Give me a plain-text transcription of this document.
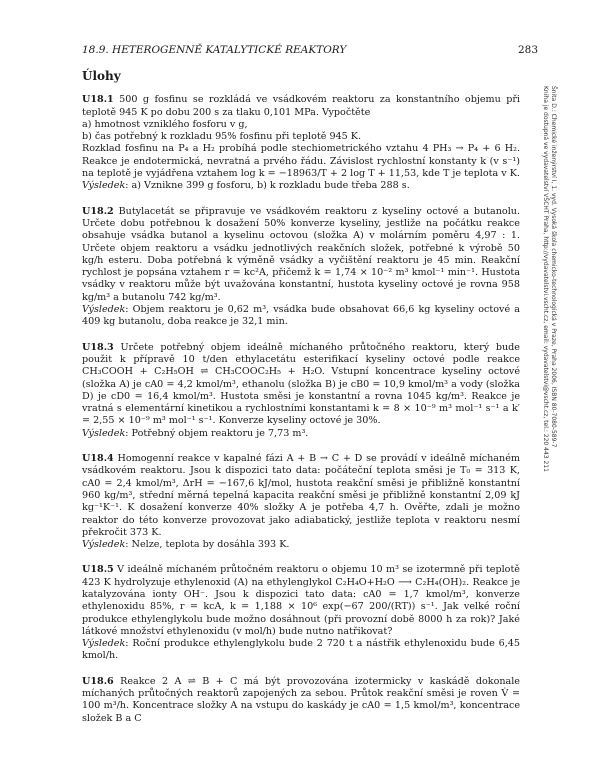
18.9. HETEROGENNĚ KATALYTICKÉ REAKTORY	283
Šnita D.: Chemické inženýrství I, 1. vyd. Vysoká škola chemicko-technologická v Praze, Praha 2006, ISBN 80-7080-589-7
Kniha je dostupná ve vydavatelství VŠCHT Praha, http://vydavatelstvi.vscht.cz, email: vydavatelstvi@vscht.cz, tel.: 220 443 211
Úlohy

U18.1 500 g fosfinu se rozkládá ve vsádkovém reaktoru za konstantního objemu při teplotě 945 K po dobu 200 s za tlaku 0,101 MPa. Vypočtěte

a) hmotnost vzniklého fosforu v g,

b) čas potřebný k rozkladu 95% fosfinu při teplotě 945 K.

Rozklad fosfinu na P₄ a H₂ probíhá podle stechiometrického vztahu 4 PH₃ → P₄ + 6 H₂. Reakce je endotermická, nevratná a prvého řádu. Závislost rychlostní konstanty k (v s⁻¹) na teplotě je vyjádřena vztahem log k = −18963/T + 2 log T + 11,53, kde T je teplota v K.

Výsledek: a) Vznikne 399 g fosforu, b) k rozkladu bude třeba 288 s.

U18.2 Butylacetát se připravuje ve vsádkovém reaktoru z kyseliny octové a butanolu. Určete dobu potřebnou k dosažení 50% konverze kyseliny, jestliže na počátku reakce obsahuje vsádka butanol a kyselinu octovou (složka A) v molárním poměru 4,97 : 1. Určete objem reaktoru a vsádku jednotlivých reakčních složek, potřebné k výrobě 50 kg/h esteru. Doba potřebná k výměně vsádky a vyčištění reaktoru je 45 min. Reakční rychlost je popsána vztahem r = kc²A, přičemž k = 1,74 × 10⁻² m³ kmol⁻¹ min⁻¹. Hustota vsádky v reaktoru může být uvažována konstantní, hustota kyseliny octové je rovna 958 kg/m³ a butanolu 742 kg/m³.

Výsledek: Objem reaktoru je 0,62 m³, vsádka bude obsahovat 66,6 kg kyseliny octové a 409 kg butanolu, doba reakce je 32,1 min.

U18.3 Určete potřebný objem ideálně míchaného průtočného reaktoru, který bude použit k přípravě 10 t/den ethylacetátu esterifikací kyseliny octové podle reakce CH₃COOH + C₂H₅OH ⇌ CH₃COOC₂H₅ + H₂O. Vstupní koncentrace kyseliny octové (složka A) je cA0 = 4,2 kmol/m³, ethanolu (složka B) je cB0 = 10,9 kmol/m³ a vody (složka D) je cD0 = 16,4 kmol/m³. Hustota směsi je konstantní a rovna 1045 kg/m³. Reakce je vratná s elementární kinetikou a rychlostními konstantami k = 8 × 10⁻⁹ m³ mol⁻¹ s⁻¹ a k′ = 2,55 × 10⁻⁹ m³ mol⁻¹ s⁻¹. Konverze kyseliny octové je 30%.

Výsledek: Potřebný objem reaktoru je 7,73 m³.

U18.4 Homogenní reakce v kapalné fázi A + B → C + D se provádí v ideálně míchaném vsádkovém reaktoru. Jsou k dispozici tato data: počáteční teplota směsi je T₀ = 313 K, cA0 = 2,4 kmol/m³, ΔrH = −167,6 kJ/mol, hustota reakční směsi je přibližně konstantní 960 kg/m³, střední měrná tepelná kapacita reakční směsi je přibližně konstantní 2,09 kJ kg⁻¹K⁻¹. K dosažení konverze 40% složky A je potřeba 4,7 h. Ověřte, zdali je možno reaktor do této konverze provozovat jako adiabatický, jestliže teplota v reaktoru nesmí překročit 373 K.

Výsledek: Nelze, teplota by dosáhla 393 K.

U18.5 V ideálně míchaném průtočném reaktoru o objemu 10 m³ se izotermně při teplotě 423 K hydrolyzuje ethylenoxid (A) na ethylenglykol C₂H₄O+H₂O ⟶ C₂H₄(OH)₂. Reakce je katalyzována ionty OH⁻. Jsou k dispozici tato data: cA0 = 1,7 kmol/m³, konverze ethylenoxidu 85%, r = kcA, k = 1,188 × 10⁶ exp(−67 200/(RT)) s⁻¹. Jak velké roční produkce ethylenglykolu bude možno dosáhnout (při provozní době 8000 h za rok)? Jaké látkové množství ethylenoxidu (v mol/h) bude nutno natřikovat?

Výsledek: Roční produkce ethylenglykolu bude 2 720 t a nástřik ethylenoxidu bude 6,45 kmol/h.

U18.6 Reakce 2 A ⇌ B + C má být provozována izotermicky v kaskádě dokonale míchaných průtočných reaktorů zapojených za sebou. Průtok reakční směsi je roven V̇ = 100 m³/h. Koncentrace složky A na vstupu do kaskády je cA0 = 1,5 kmol/m³, koncentrace složek B a C
